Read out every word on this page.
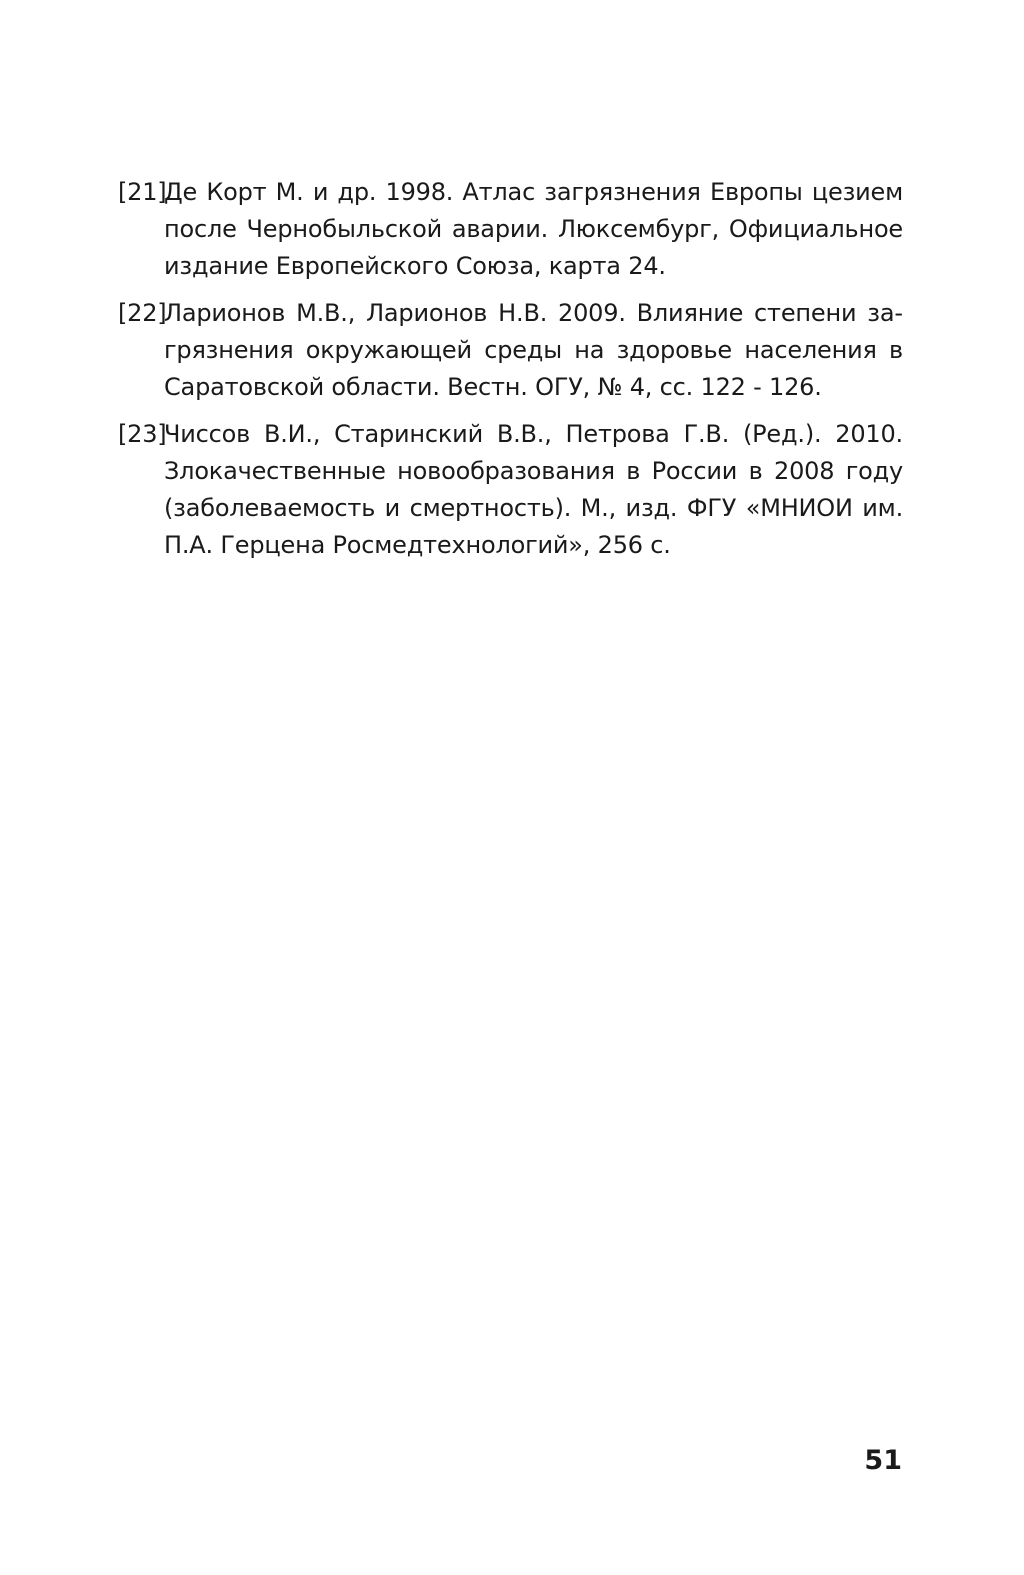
[21]
Де Корт М. и др. 1998. Атлас загрязнения Европы цезием после Чернобыльской аварии. Люксембург, Официальное издание Европейского Союза, карта 24.
[22]
Ларионов М.В., Ларионов Н.В. 2009. Влияние степени загрязнения окружающей среды на здоровье населения в Саратовской области. Вестн. ОГУ, № 4, сс. 122 - 126.
[23]
Чиссов В.И., Старинский В.В., Петрова Г.В. (Ред.). 2010. Злокачественные новообразования в России в 2008 году (заболеваемость и смертность). М., изд. ФГУ «МНИОИ им. П.А. Герцена Росмедтехнологий», 256 с.
51
